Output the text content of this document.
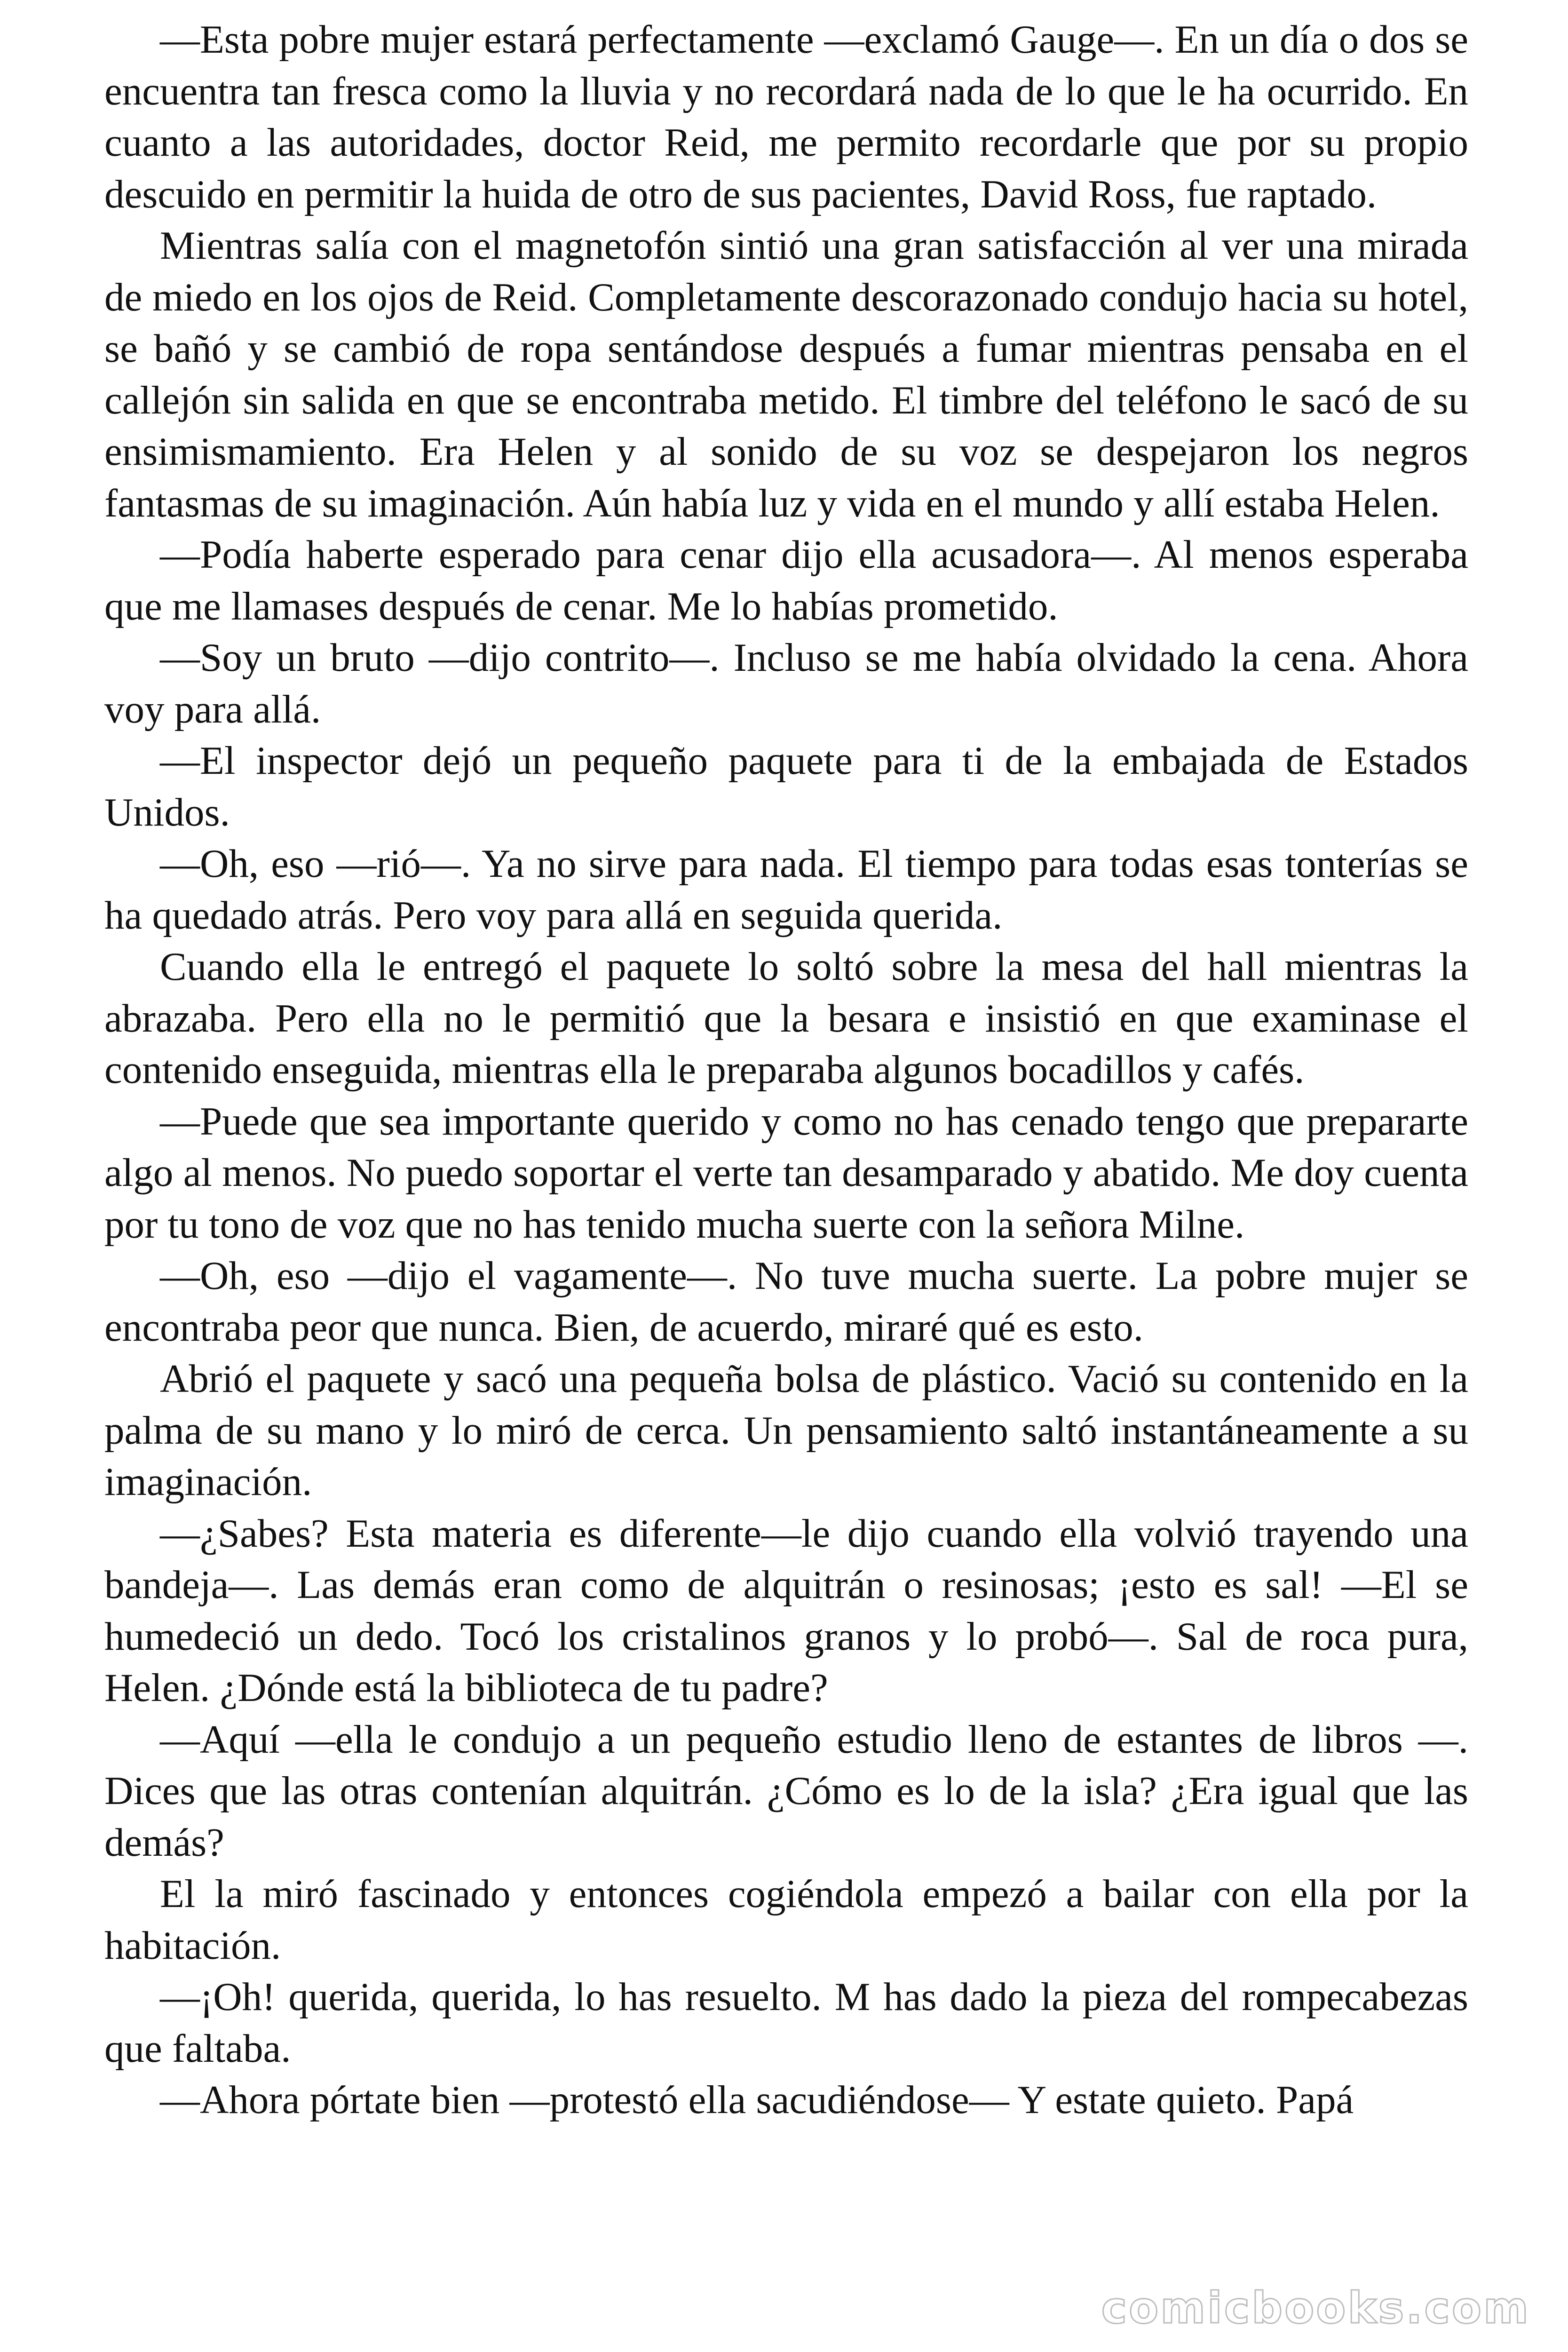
—Esta pobre mujer estará perfectamente —exclamó Gauge—. En un día o dos se encuentra tan fresca como la lluvia y no recordará nada de lo que le ha ocurrido. En cuanto a las autoridades, doctor Reid, me permito recordarle que por su propio descuido en permitir la huida de otro de sus pacientes, David Ross, fue raptado.

Mientras salía con el magnetofón sintió una gran satisfacción al ver una mirada de miedo en los ojos de Reid. Completamente descorazonado condujo hacia su hotel, se bañó y se cambió de ropa sentándose después a fumar mientras pensaba en el callejón sin salida en que se encontraba metido. El timbre del teléfono le sacó de su ensimismamiento. Era Helen y al sonido de su voz se despejaron los negros fantasmas de su imaginación. Aún había luz y vida en el mundo y allí estaba Helen.

—Podía haberte esperado para cenar dijo ella acusadora—. Al menos esperaba que me llamases después de cenar. Me lo habías prometido.

—Soy un bruto —dijo contrito—. Incluso se me había olvidado la cena. Ahora voy para allá.

—El inspector dejó un pequeño paquete para ti de la embajada de Estados Unidos.

—Oh, eso —rió—. Ya no sirve para nada. El tiempo para todas esas tonterías se ha quedado atrás. Pero voy para allá en seguida querida.

Cuando ella le entregó el paquete lo soltó sobre la mesa del hall mientras la abrazaba. Pero ella no le permitió que la besara e insistió en que examinase el contenido enseguida, mientras ella le preparaba algunos bocadillos y cafés.

—Puede que sea importante querido y como no has cenado tengo que prepararte algo al menos. No puedo soportar el verte tan desamparado y abatido. Me doy cuenta por tu tono de voz que no has tenido mucha suerte con la señora Milne.

—Oh, eso —dijo el vagamente—. No tuve mucha suerte. La pobre mujer se encontraba peor que nunca. Bien, de acuerdo, miraré qué es esto.

Abrió el paquete y sacó una pequeña bolsa de plástico. Vació su contenido en la palma de su mano y lo miró de cerca. Un pensamiento saltó instantáneamente a su imaginación.

—¿Sabes? Esta materia es diferente—le dijo cuando ella volvió trayendo una bandeja—. Las demás eran como de alquitrán o resinosas; ¡esto es sal! —El se humedeció un dedo. Tocó los cristalinos granos y lo probó—. Sal de roca pura, Helen. ¿Dónde está la biblioteca de tu padre?

—Aquí —ella le condujo a un pequeño estudio lleno de estantes de libros —. Dices que las otras contenían alquitrán. ¿Cómo es lo de la isla? ¿Era igual que las demás?

El la miró fascinado y entonces cogiéndola empezó a bailar con ella por la habitación.

—¡Oh! querida, querida, lo has resuelto. M has dado la pieza del rompecabezas que faltaba.

—Ahora pórtate bien —protestó ella sacudiéndose— Y estate quieto. Papá

comicbooks.com
